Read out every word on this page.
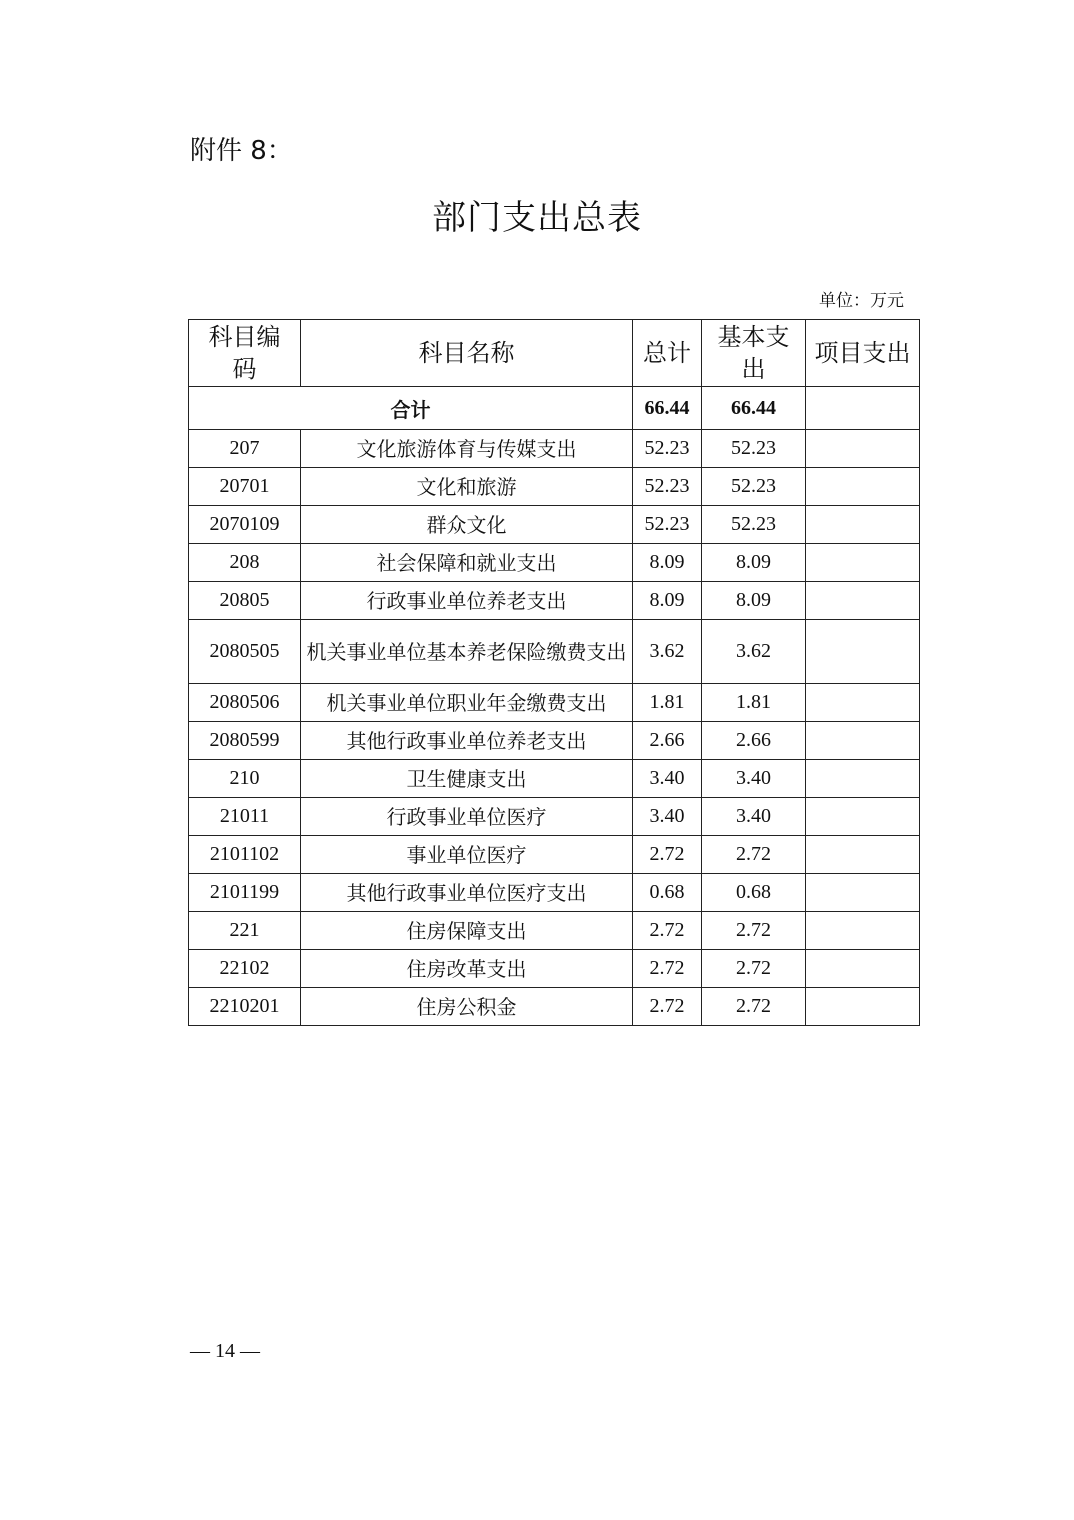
附件 8：
部门支出总表
单位：万元
科目编码	科目名称	总计	基本支出	项目支出
合计		66.44	66.44	
207	文化旅游体育与传媒支出	52.23	52.23	
20701	文化和旅游	52.23	52.23	
2070109	群众文化	52.23	52.23	
208	社会保障和就业支出	8.09	8.09	
20805	行政事业单位养老支出	8.09	8.09	
2080505	机关事业单位基本养老保险缴费支出	3.62	3.62	
2080506	机关事业单位职业年金缴费支出	1.81	1.81	
2080599	其他行政事业单位养老支出	2.66	2.66	
210	卫生健康支出	3.40	3.40	
21011	行政事业单位医疗	3.40	3.40	
2101102	事业单位医疗	2.72	2.72	
2101199	其他行政事业单位医疗支出	0.68	0.68	
221	住房保障支出	2.72	2.72	
22102	住房改革支出	2.72	2.72	
2210201	住房公积金	2.72	2.72	
— 14 —
